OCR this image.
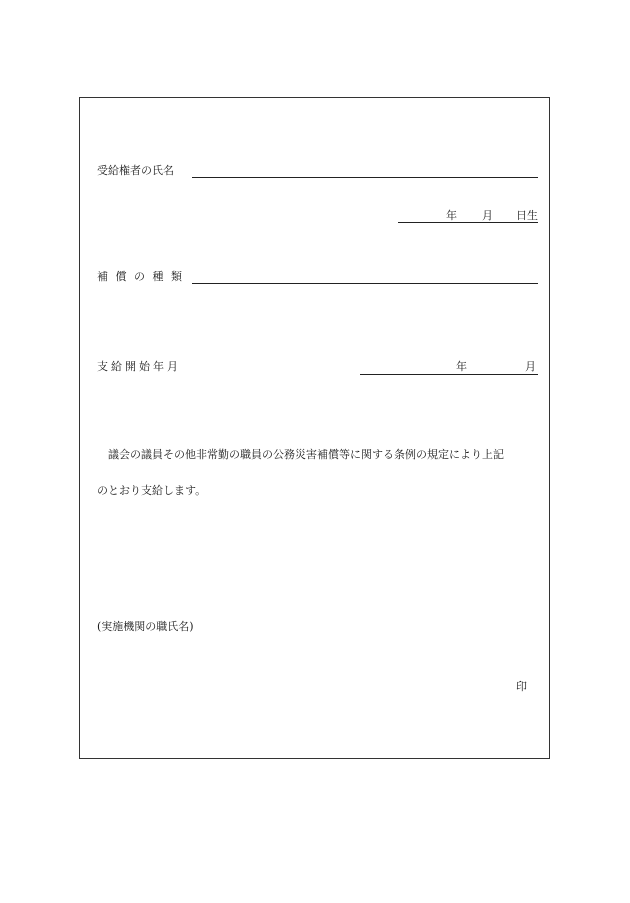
受給権者の氏名
年 月 日生
補償の種類
支給開始年月	年	月
議会の議員その他非常勤の職員の公務災害補償等に関する条例の規定により上記
のとおり支給します。
(実施機関の職氏名)
印
